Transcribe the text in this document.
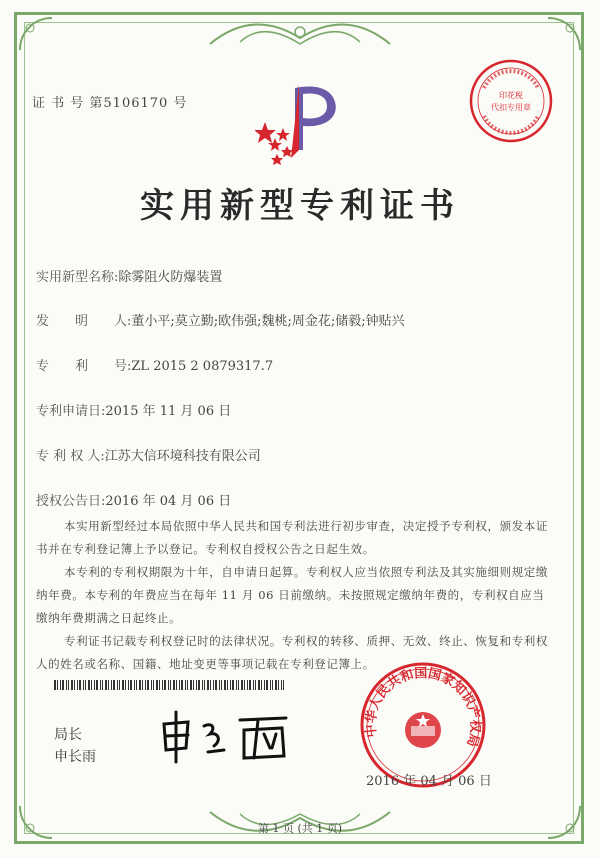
证 书 号 第5106170 号
印花税
代扣专用章
实用新型专利证书
实用新型名称:除雾阻火防爆装置
发　　明　　人:董小平;莫立勤;欧伟强;魏桃;周金花;储毅;钟贴兴
专　　利　　号:ZL 2015 2 0879317.7
专利申请日:2015 年 11 月 06 日
专 利 权 人:江苏大信环境科技有限公司
授权公告日:2016 年 04 月 06 日

本实用新型经过本局依照中华人民共和国专利法进行初步审查，决定授予专利权，颁发本证书并在专利登记簿上予以登记。专利权自授权公告之日起生效。

本专利的专利权期限为十年，自申请日起算。专利权人应当依照专利法及其实施细则规定缴纳年费。本专利的年费应当在每年 11 月 06 日前缴纳。未按照规定缴纳年费的，专利权自应当缴纳年费期满之日起终止。

专利证书记载专利权登记时的法律状况。专利权的转移、质押、无效、终止、恢复和专利权人的姓名或名称、国籍、地址变更等事项记载在专利登记簿上。

局长
申长雨
中华人民共和国国家知识产权局
2016 年 04 月 06 日
第 1 页 (共 1 页)
